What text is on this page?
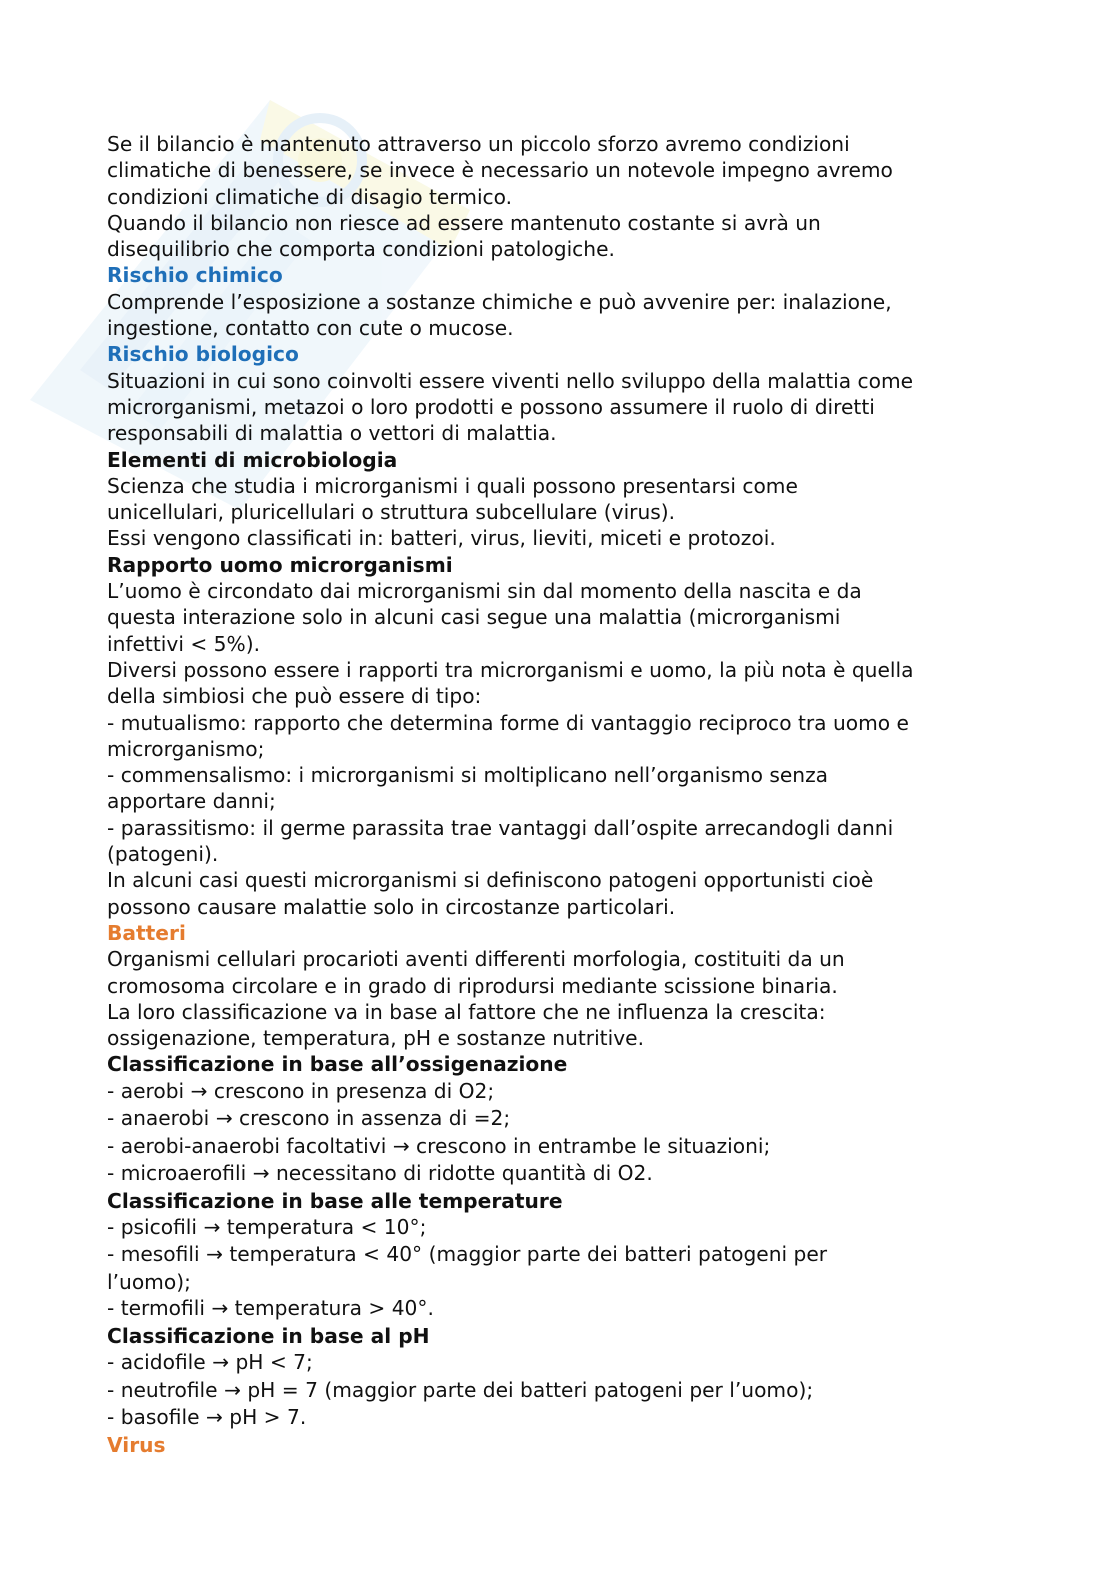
Se il bilancio è mantenuto attraverso un piccolo sforzo avremo condizioni
climatiche di benessere, se invece è necessario un notevole impegno avremo
condizioni climatiche di disagio termico.
Quando il bilancio non riesce ad essere mantenuto costante si avrà un
disequilibrio che comporta condizioni patologiche.
Rischio chimico
Comprende l’esposizione a sostanze chimiche e può avvenire per: inalazione,
ingestione, contatto con cute o mucose.
Rischio biologico
Situazioni in cui sono coinvolti essere viventi nello sviluppo della malattia come
microrganismi, metazoi o loro prodotti e possono assumere il ruolo di diretti
responsabili di malattia o vettori di malattia.
Elementi di microbiologia
Scienza che studia i microrganismi i quali possono presentarsi come
unicellulari, pluricellulari o struttura subcellulare (virus).
Essi vengono classificati in: batteri, virus, lieviti, miceti e protozoi.
Rapporto uomo microrganismi
L’uomo è circondato dai microrganismi sin dal momento della nascita e da
questa interazione solo in alcuni casi segue una malattia (microrganismi
infettivi < 5%).
Diversi possono essere i rapporti tra microrganismi e uomo, la più nota è quella
della simbiosi che può essere di tipo:
- mutualismo: rapporto che determina forme di vantaggio reciproco tra uomo e
microrganismo;
- commensalismo: i microrganismi si moltiplicano nell’organismo senza
apportare danni;
- parassitismo: il germe parassita trae vantaggi dall’ospite arrecandogli danni
(patogeni).
In alcuni casi questi microrganismi si definiscono patogeni opportunisti cioè
possono causare malattie solo in circostanze particolari.
Batteri
Organismi cellulari procarioti aventi differenti morfologia, costituiti da un
cromosoma circolare e in grado di riprodursi mediante scissione binaria.
La loro classificazione va in base al fattore che ne influenza la crescita:
ossigenazione, temperatura, pH e sostanze nutritive.
Classificazione in base all’ossigenazione
- aerobi → crescono in presenza di O2;
- anaerobi → crescono in assenza di =2;
- aerobi-anaerobi facoltativi → crescono in entrambe le situazioni;
- microaerofili → necessitano di ridotte quantità di O2.
Classificazione in base alle temperature
- psicofili → temperatura < 10°;
- mesofili → temperatura < 40° (maggior parte dei batteri patogeni per
l’uomo);
- termofili → temperatura > 40°.
Classificazione in base al pH
- acidofile → pH < 7;
- neutrofile → pH = 7 (maggior parte dei batteri patogeni per l’uomo);
- basofile → pH > 7.
Virus
